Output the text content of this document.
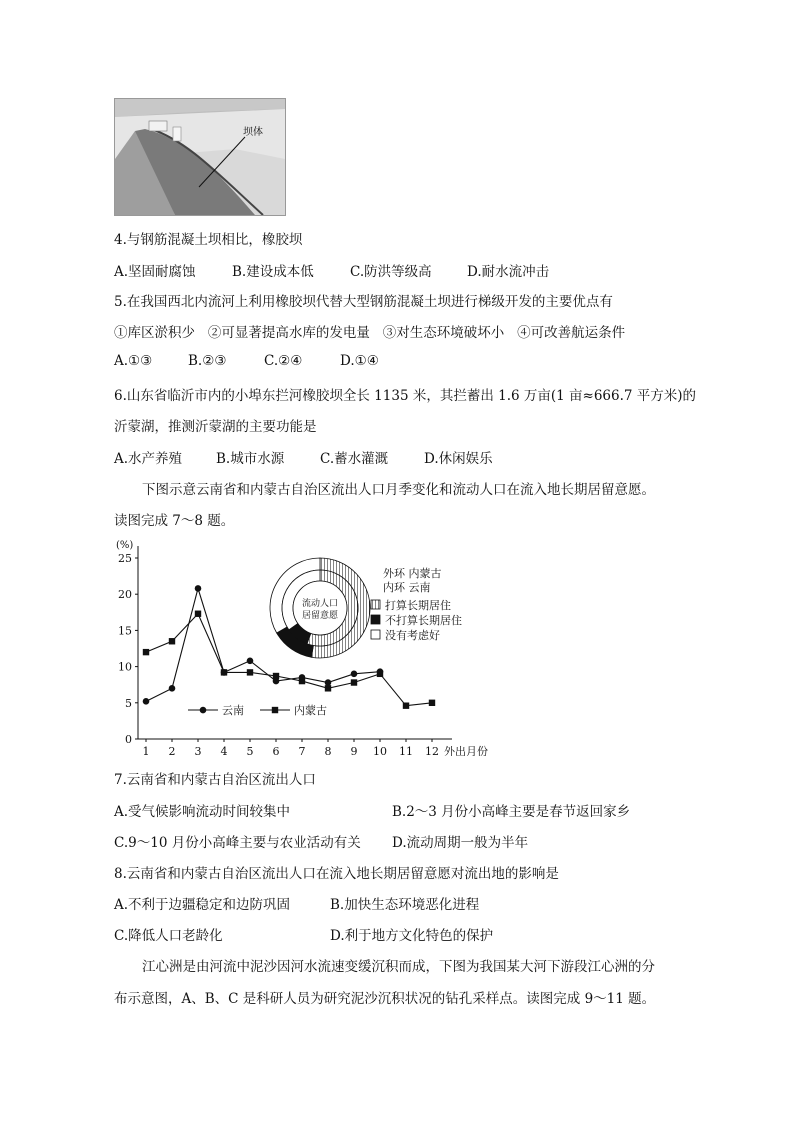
坝体
4.与钢筋混凝土坝相比，橡胶坝
A.坚固耐腐蚀	B.建设成本低	C.防洪等级高	D.耐水流冲击
5.在我国西北内流河上利用橡胶坝代替大型钢筋混凝土坝进行梯级开发的主要优点有
①库区淤积少   ②可显著提高水库的发电量   ③对生态环境破坏小   ④可改善航运条件
A.①③	B.②③	C.②④	D.①④
6.山东省临沂市内的小埠东拦河橡胶坝全长 1135 米，其拦蓄出 1.6 万亩(1 亩≈666.7 平方米)的
沂蒙湖，推测沂蒙湖的主要功能是
A.水产养殖	B.城市水源	C.蓄水灌溉	D.休闲娱乐
下图示意云南省和内蒙古自治区流出人口月季变化和流动人口在流入地长期居留意愿。
读图完成 7～8 题。
(%)
0
5
10
15
20
25
1 2 3 4 5 6 7 8 9 10 11 12 外出月份
流动人口
居留意愿
外环 内蒙古
内环 云南
打算长期居住
不打算长期居住
没有考虑好
云南	内蒙古
7.云南省和内蒙古自治区流出人口
A.受气候影响流动时间较集中	B.2～3 月份小高峰主要是春节返回家乡
C.9～10 月份小高峰主要与农业活动有关 D.流动周期一般为半年
8.云南省和内蒙古自治区流出人口在流入地长期居留意愿对流出地的影响是
A.不利于边疆稳定和边防巩固	B.加快生态环境恶化进程
C.降低人口老龄化	D.利于地方文化特色的保护
江心洲是由河流中泥沙因河水流速变缓沉积而成，下图为我国某大河下游段江心洲的分
布示意图，A、B、C 是科研人员为研究泥沙沉积状况的钻孔采样点。读图完成 9～11 题。
